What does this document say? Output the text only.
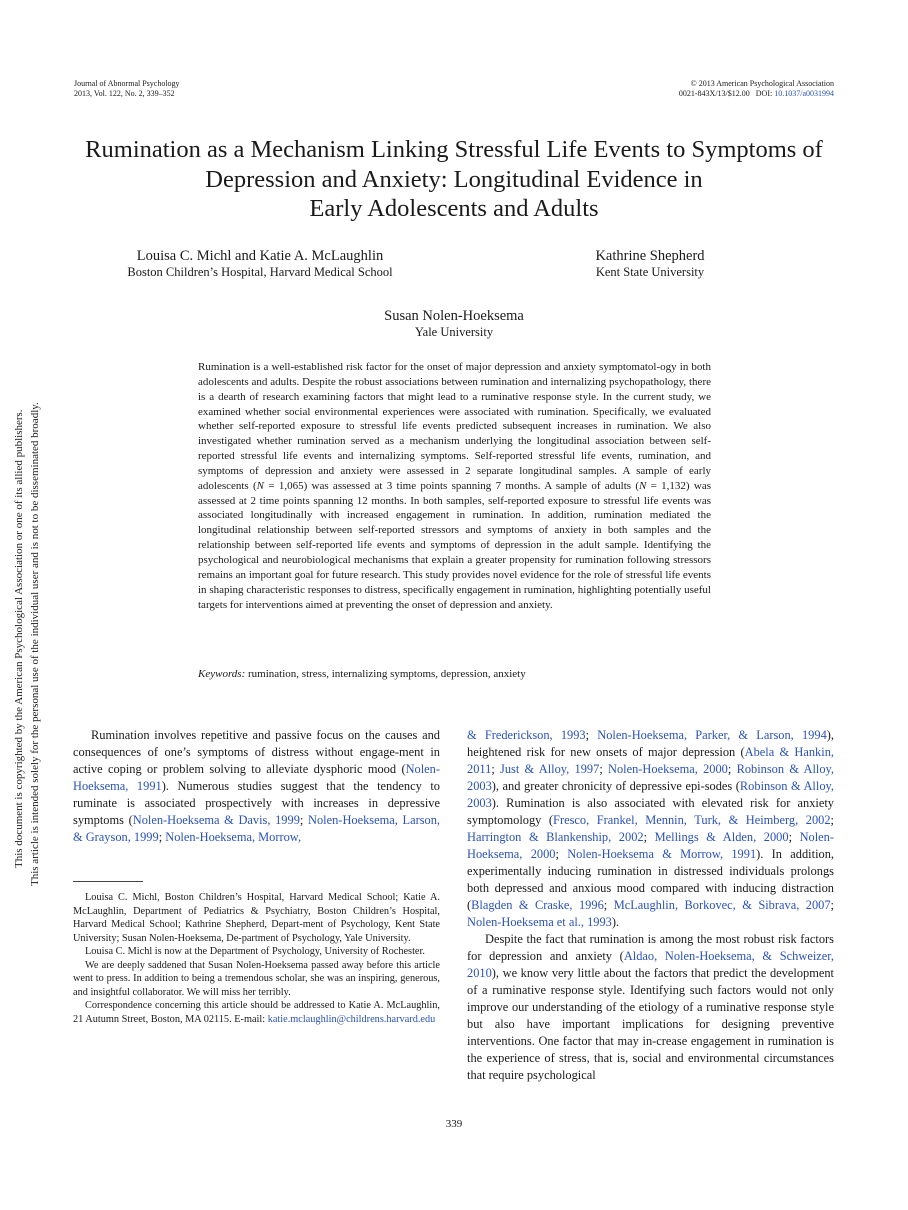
Journal of Abnormal Psychology
2013, Vol. 122, No. 2, 339–352
© 2013 American Psychological Association
0021-843X/13/$12.00 DOI: 10.1037/a0031994
Rumination as a Mechanism Linking Stressful Life Events to Symptoms of
Depression and Anxiety: Longitudinal Evidence in
Early Adolescents and Adults
Louisa C. Michl and Katie A. McLaughlin
Boston Children’s Hospital, Harvard Medical School
Kathrine Shepherd
Kent State University
Susan Nolen-Hoeksema
Yale University

Rumination is a well-established risk factor for the onset of major depression and anxiety symptomatol-ogy in both adolescents and adults. Despite the robust associations between rumination and internalizing psychopathology, there is a dearth of research examining factors that might lead to a ruminative response style. In the current study, we examined whether social environmental experiences were associated with rumination. Specifically, we evaluated whether self-reported exposure to stressful life events predicted subsequent increases in rumination. We also investigated whether rumination served as a mechanism underlying the longitudinal association between self-reported stressful life events and internalizing symptoms. Self-reported stressful life events, rumination, and symptoms of depression and anxiety were assessed in 2 separate longitudinal samples. A sample of early adolescents (N = 1,065) was assessed at 3 time points spanning 7 months. A sample of adults (N = 1,132) was assessed at 2 time points spanning 12 months. In both samples, self-reported exposure to stressful life events was associated longitudinally with increased engagement in rumination. In addition, rumination mediated the longitudinal relationship between self-reported stressors and symptoms of anxiety in both samples and the relationship between self-reported life events and symptoms of depression in the adult sample. Identifying the psychological and neurobiological mechanisms that explain a greater propensity for rumination following stressors remains an important goal for future research. This study provides novel evidence for the role of stressful life events in shaping characteristic responses to distress, specifically engagement in rumination, highlighting potentially useful targets for interventions aimed at preventing the onset of depression and anxiety.

Keywords: rumination, stress, internalizing symptoms, depression, anxiety

This document is copyrighted by the American Psychological Association or one of its allied publishers. This article is intended solely for the personal use of the individual user and is not to be disseminated broadly.	Rumination involves repetitive and passive focus on the causes and consequences of one’s symptoms of distress without engage-ment in active coping or problem solving to alleviate dysphoric mood (Nolen-Hoeksema, 1991). Numerous studies suggest that the tendency to ruminate is associated prospectively with increases in depressive symptoms (Nolen-Hoeksema & Davis, 1999; Nolen-Hoeksema, Larson, & Grayson, 1999; Nolen-Hoeksema, Morrow,

Louisa C. Michl, Boston Children’s Hospital, Harvard Medical School; Katie A. McLaughlin, Department of Pediatrics & Psychiatry, Boston Children’s Hospital, Harvard Medical School; Kathrine Shepherd, Depart-ment of Psychology, Kent State University; Susan Nolen-Hoeksema, De-partment of Psychology, Yale University.

Louisa C. Michl is now at the Department of Psychology, University of Rochester.

We are deeply saddened that Susan Nolen-Hoeksema passed away before this article went to press. In addition to being a tremendous scholar, she was an inspiring, generous, and insightful collaborator. We will miss her terribly.

Correspondence concerning this article should be addressed to Katie A. McLaughlin, 21 Autumn Street, Boston, MA 02115. E-mail: katie.mclaughlin@childrens.harvard.edu

& Frederickson, 1993; Nolen-Hoeksema, Parker, & Larson, 1994), heightened risk for new onsets of major depression (Abela & Hankin, 2011; Just & Alloy, 1997; Nolen-Hoeksema, 2000; Robinson & Alloy, 2003), and greater chronicity of depressive epi-sodes (Robinson & Alloy, 2003). Rumination is also associated with elevated risk for anxiety symptomology (Fresco, Frankel, Mennin, Turk, & Heimberg, 2002; Harrington & Blankenship, 2002; Mellings & Alden, 2000; Nolen-Hoeksema, 2000; Nolen-Hoeksema & Morrow, 1991). In addition, experimentally inducing rumination in distressed individuals prolongs both depressed and anxious mood compared with inducing distraction (Blagden & Craske, 1996; McLaughlin, Borkovec, & Sibrava, 2007; Nolen-Hoeksema et al., 1993).

Despite the fact that rumination is among the most robust risk factors for depression and anxiety (Aldao, Nolen-Hoeksema, & Schweizer, 2010), we know very little about the factors that predict the development of a ruminative response style. Identifying such factors would not only improve our understanding of the etiology of a ruminative response style but also have important implications for designing preventive interventions. One factor that may in-crease engagement in rumination is the experience of stress, that is, social and environmental circumstances that require psychological

339
